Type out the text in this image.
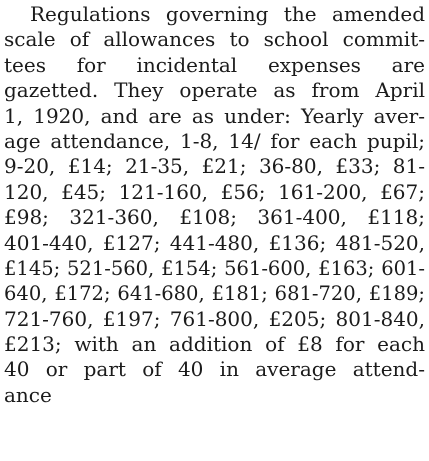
Regulations governing the amended
scale of allowances to school commit-
tees for incidental expenses are
gazetted. They operate as from April
1, 1920, and are as under: Yearly aver-
age attendance, 1-8, 14/ for each pupil;
9-20, £14; 21-35, £21; 36-80, £33; 81-
120, £45; 121-160, £56; 161-200, £67;
£98; 321-360, £108; 361-400, £118;
401-440, £127; 441-480, £136; 481-520,
£145; 521-560, £154; 561-600, £163; 601-
640, £172; 641-680, £181; 681-720, £189;
721-760, £197; 761-800, £205; 801-840,
£213; with an addition of £8 for each
40 or part of 40 in average attend-
ance
